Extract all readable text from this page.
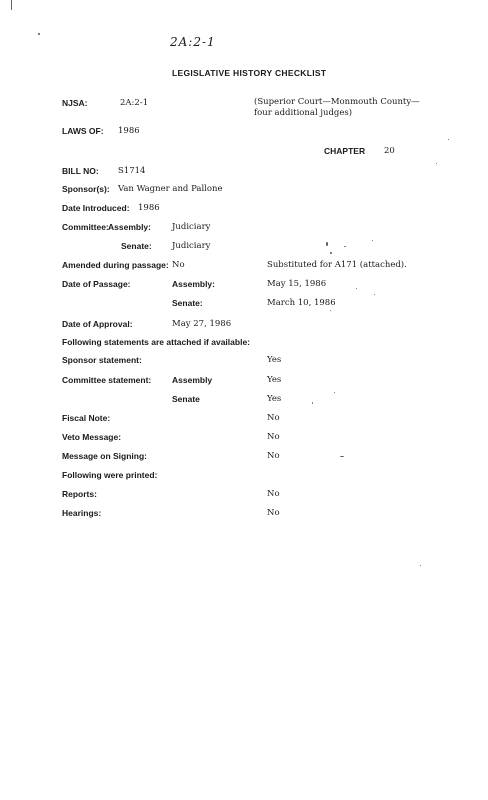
2A:2-1
LEGISLATIVE HISTORY CHECKLIST
NJSA:	2A:2-1	(Superior Court—Monmouth County—
four additional judges)
LAWS OF: 1986
CHAPTER 20
BILL NO: S1714
Sponsor(s): Van Wagner and Pallone
Date Introduced: 1986
Committee: Assembly: Judiciary
Senate: Judiciary
Amended during passage: No	Substituted for A171 (attached).
Date of Passage:	Assembly:	May 15, 1986
Senate:	March 10, 1986
Date of Approval:	May 27, 1986
Following statements are attached if available:
Sponsor statement:	Yes
Committee statement: Assembly	Yes
Senate	Yes
Fiscal Note:	No
Veto Message:	No
Message on Signing:	No
Following were printed:
Reports:	No
Hearings:	No
